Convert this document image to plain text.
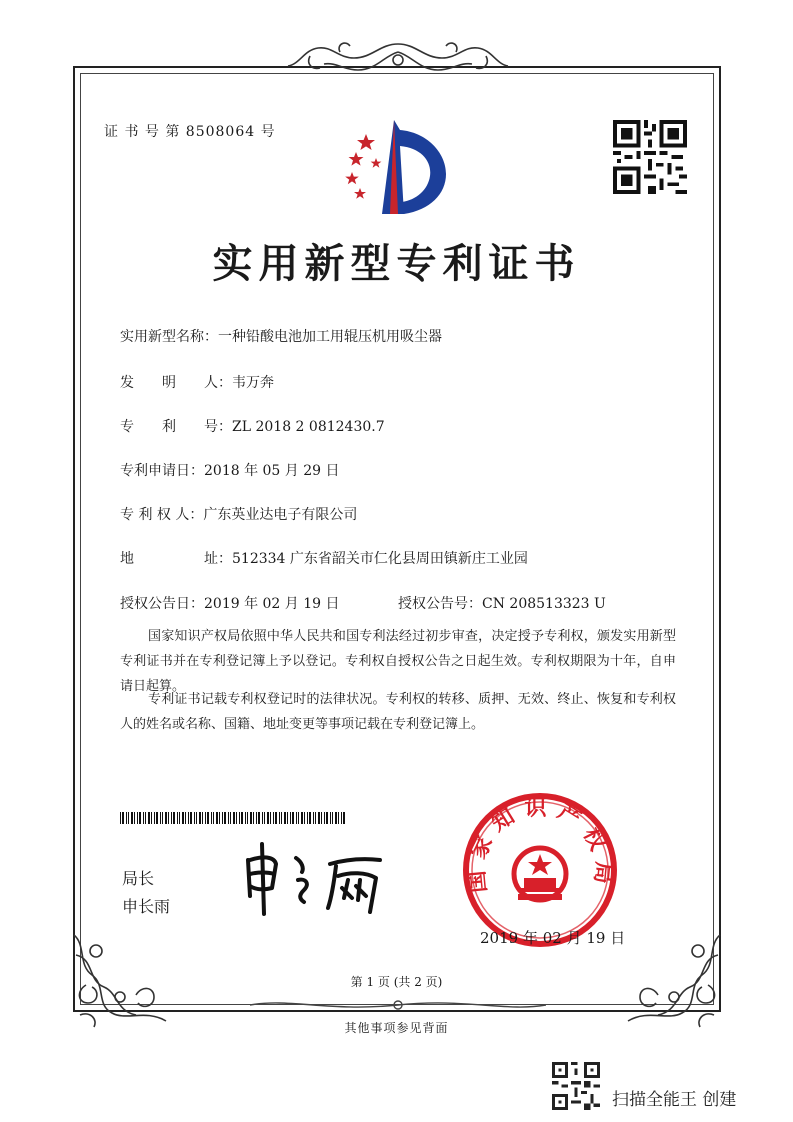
证 书 号 第 8508064 号
实用新型专利证书
实用新型名称：一种铅酸电池加工用辊压机用吸尘器
发　　明　　人：韦万奔
专　　利　　号：ZL 2018 2 0812430.7
专利申请日：2018 年 05 月 29 日
专 利 权 人：广东英业达电子有限公司
地　　　　　址：512334 广东省韶关市仁化县周田镇新庄工业园
授权公告日：2019 年 02 月 19 日	授权公告号：CN 208513323 U
国家知识产权局依照中华人民共和国专利法经过初步审查，决定授予专利权，颁发实用新型专利证书并在专利登记簿上予以登记。专利权自授权公告之日起生效。专利权期限为十年，自申请日起算。
专利证书记载专利权登记时的法律状况。专利权的转移、质押、无效、终止、恢复和专利权人的姓名或名称、国籍、地址变更等事项记载在专利登记簿上。
局长
申长雨
国家知识产权局
2019 年 02 月 19 日
第 1 页 (共 2 页)
其他事项参见背面
扫描全能王 创建
